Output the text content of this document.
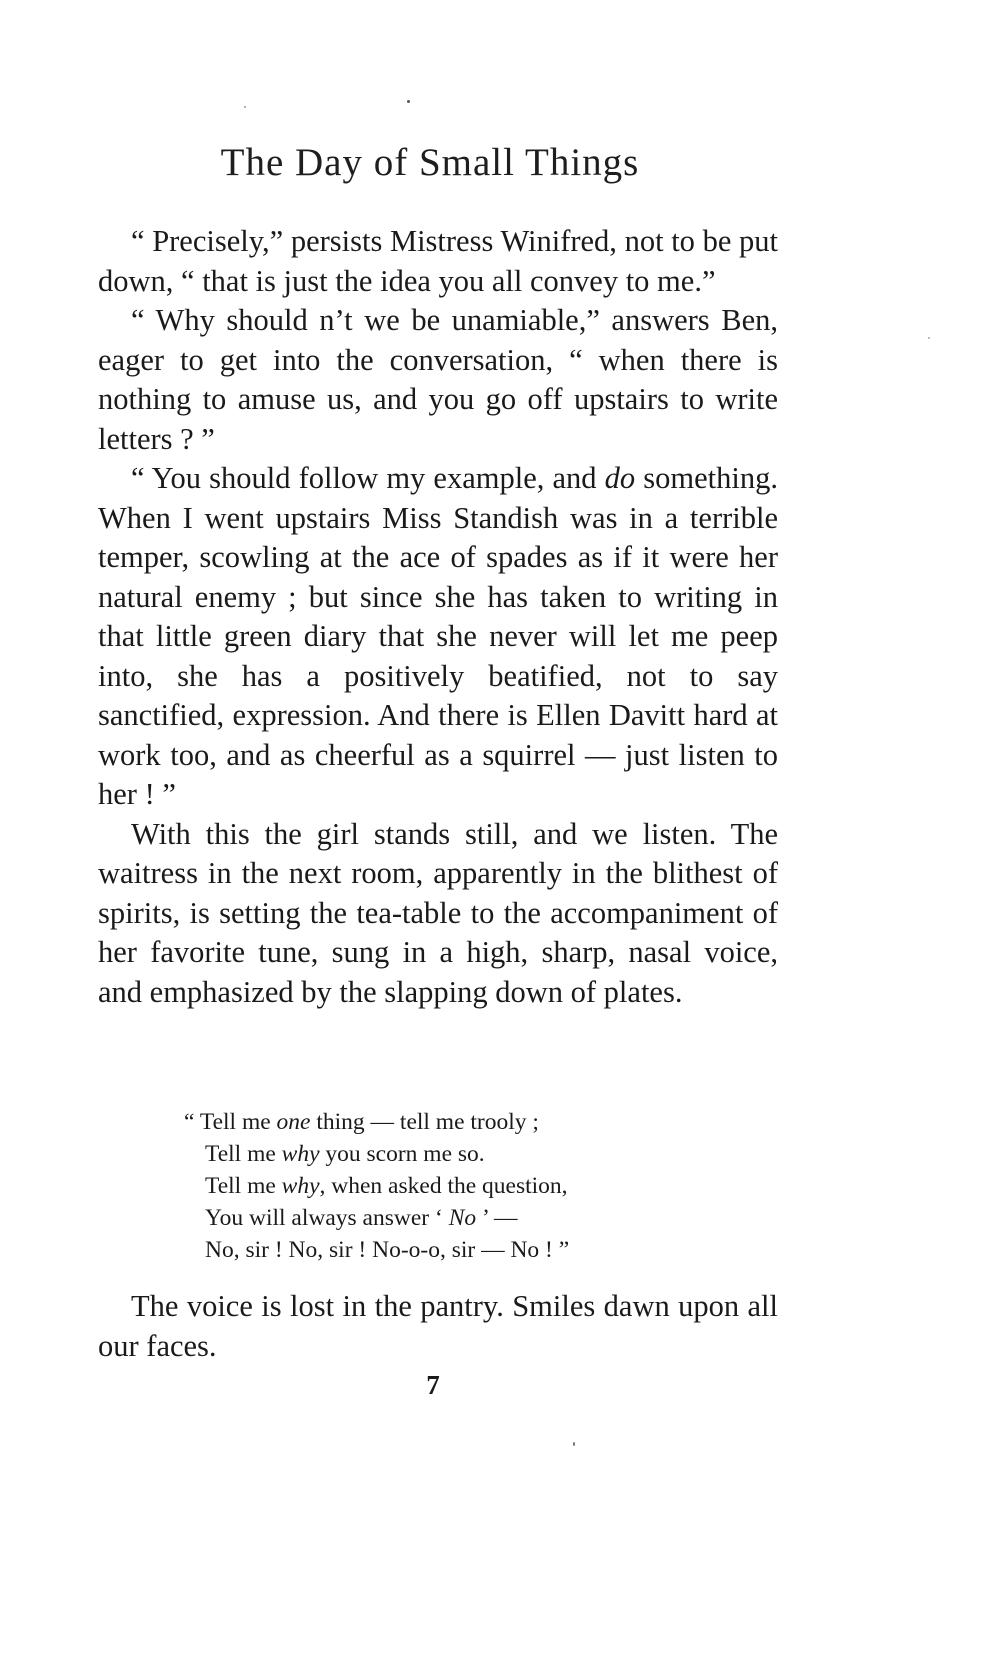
The Day of Small Things

“ Precisely,” persists Mistress Winifred, not to be put down, “ that is just the idea you all convey to me.”

“ Why should n’t we be unamiable,” answers Ben, eager to get into the conversation, “ when there is nothing to amuse us, and you go off upstairs to write letters ? ”

“ You should follow my example, and do something. When I went upstairs Miss Standish was in a terrible temper, scowling at the ace of spades as if it were her natural enemy ; but since she has taken to writing in that little green diary that she never will let me peep into, she has a positively beatified, not to say sanctified, expression. And there is Ellen Davitt hard at work too, and as cheerful as a squirrel — just listen to her ! ”

With this the girl stands still, and we listen. The waitress in the next room, apparently in the blithest of spirits, is setting the tea-table to the accompaniment of her favorite tune, sung in a high, sharp, nasal voice, and emphasized by the slapping down of plates.

“ Tell me one thing — tell me trooly ;
Tell me why you scorn me so.
Tell me why, when asked the question,
You will always answer ‘ No ’ —
No, sir ! No, sir ! No-o-o, sir — No ! ”

The voice is lost in the pantry. Smiles dawn upon all our faces.

7
